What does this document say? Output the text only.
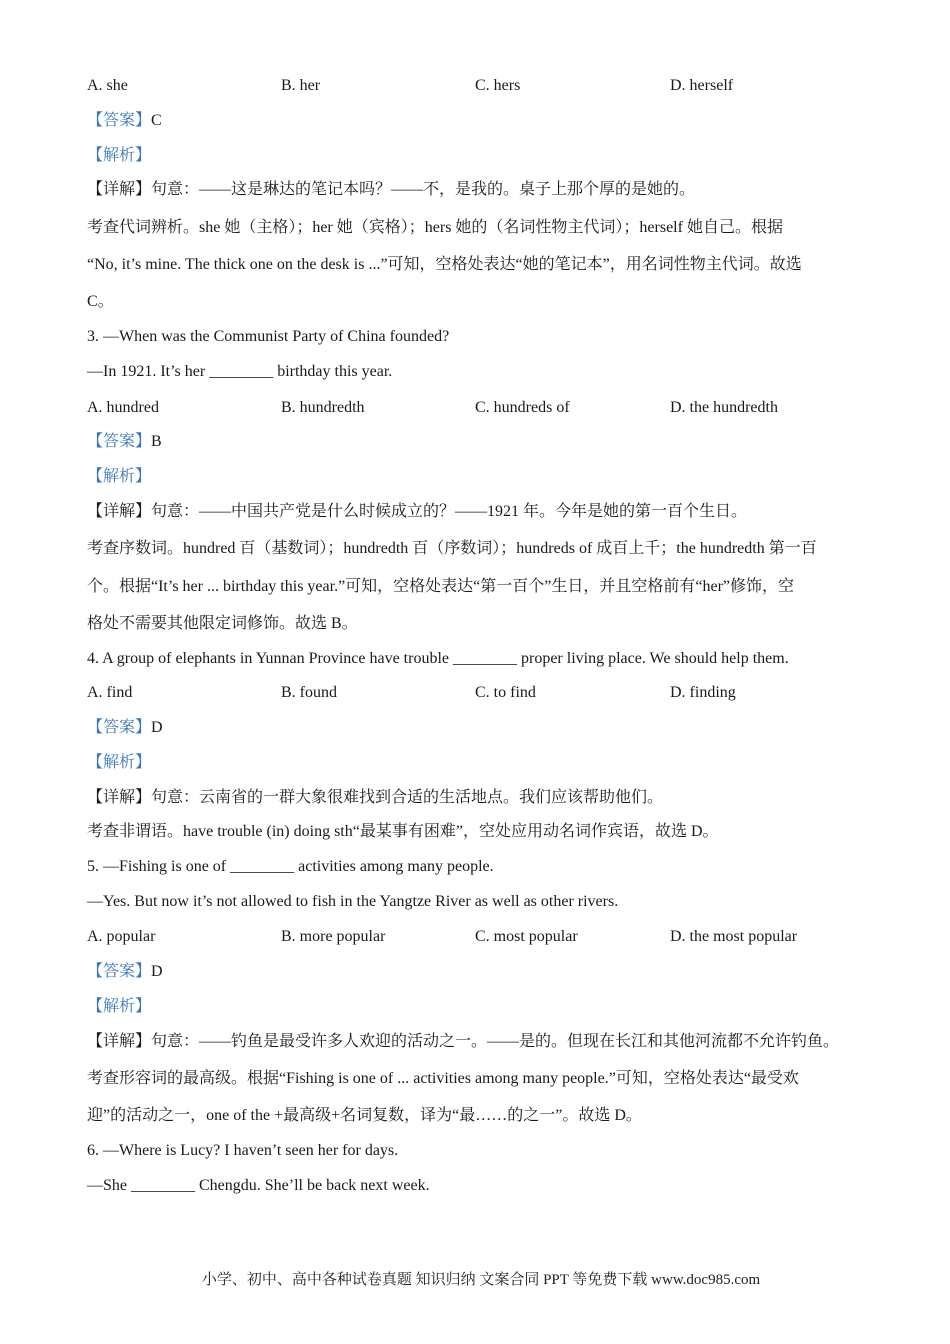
A. she	B. her	C. hers	D. herself
【答案】C
【解析】
【详解】句意：——这是琳达的笔记本吗？——不，是我的。桌子上那个厚的是她的。
考查代词辨析。she 她（主格）；her 她（宾格）；hers 她的（名词性物主代词）；herself 她自己。根据
“No, it’s mine. The thick one on the desk is ...”可知，空格处表达“她的笔记本”，用名词性物主代词。故选
C。
3. —When was the Communist Party of China founded?
—In 1921. It’s her ________ birthday this year.
A. hundred	B. hundredth	C. hundreds of	D. the hundredth
【答案】B
【解析】
【详解】句意：——中国共产党是什么时候成立的？——1921 年。今年是她的第一百个生日。
考查序数词。hundred 百（基数词）；hundredth 百（序数词）；hundreds of 成百上千；the hundredth 第一百
个。根据“It’s her ... birthday this year.”可知，空格处表达“第一百个”生日，并且空格前有“her”修饰，空
格处不需要其他限定词修饰。故选 B。
4. A group of elephants in Yunnan Province have trouble ________ proper living place. We should help them.
A. find	B. found	C. to find	D. finding
【答案】D
【解析】
【详解】句意：云南省的一群大象很难找到合适的生活地点。我们应该帮助他们。
考查非谓语。have trouble (in) doing sth“最某事有困难”，空处应用动名词作宾语，故选 D。
5. —Fishing is one of ________ activities among many people.
—Yes. But now it’s not allowed to fish in the Yangtze River as well as other rivers.
A. popular	B. more popular	C. most popular	D. the most popular
【答案】D
【解析】
【详解】句意：——钓鱼是最受许多人欢迎的活动之一。——是的。但现在长江和其他河流都不允许钓鱼。
考查形容词的最高级。根据“Fishing is one of ... activities among many people.”可知，空格处表达“最受欢
迎”的活动之一，one of the +最高级+名词复数，译为“最……的之一”。故选 D。
6. —Where is Lucy? I haven’t seen her for days.
—She ________ Chengdu. She’ll be back next week.
小学、初中、高中各种试卷真题 知识归纳 文案合同 PPT 等免费下载 www.doc985.com
